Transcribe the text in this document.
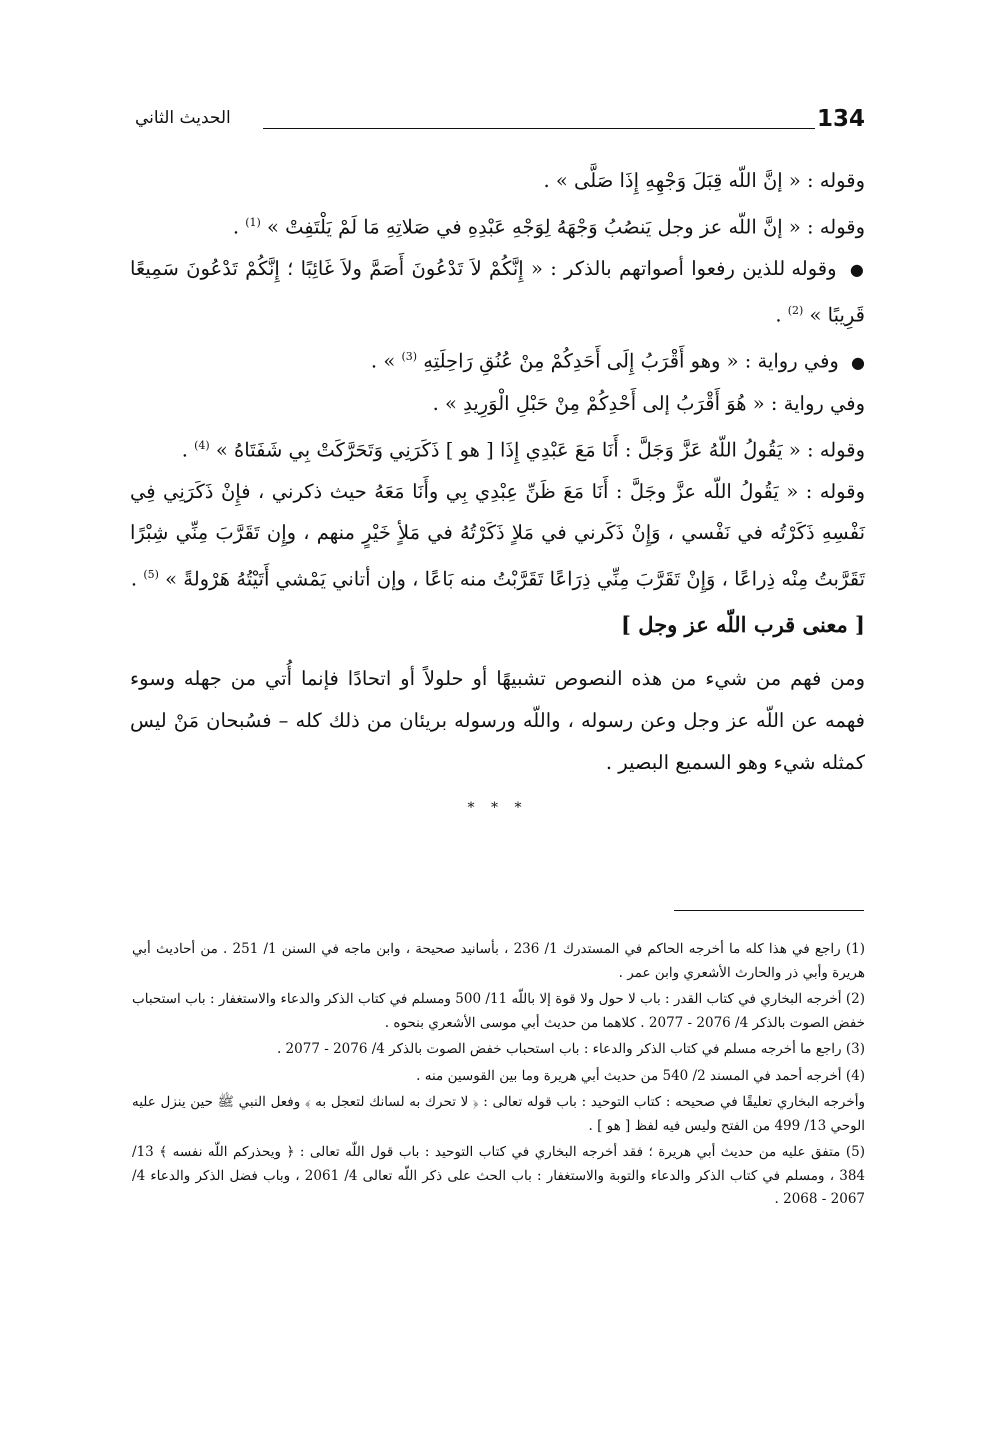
134
الحديث الثاني

وقوله : « إنَّ اللّه قِبَلَ وَجْهِهِ إِذَا صَلَّى » .

وقوله : « إنَّ اللّه عز وجل يَنصُبُ وَجْهَهُ لِوَجْهِ عَبْدِهِ في صَلاتِهِ مَا لَمْ يَلْتَفِتْ » $^{(1)}$ .

● وقوله للذين رفعوا أصواتهم بالذكر : « إِنَّكُمْ لاَ تَدْعُونَ أَصَمَّ ولاَ غَائِبًا ؛ إِنَّكُمْ تَدْعُونَ سَمِيعًا قَرِيبًا » $^{(2)}$ .

● وفي رواية : « وهو أَقْرَبُ إِلَى أَحَدِكُمْ مِنْ عُنُقِ رَاحِلَتِهِ $^{(3)}$ » .

وفي رواية : « هُوَ أَقْرَبُ إلى أَحْدِكُمْ مِنْ حَبْلِ الْوَرِيدِ » .

وقوله : « يَقُولُ اللّهُ عَزَّ وَجَلَّ : أَنَا مَعَ عَبْدِي إِذَا [ هو ] ذَكَرَنِي وَتَحَرَّكَتْ بِي شَفَتَاهُ » $^{(4)}$ .

وقوله : « يَقُولُ اللّه عزَّ وجَلَّ : أَنَا مَعَ ظَنِّ عِبْدِي بِي وأَنَا مَعَهُ حيث ذكرني ، فإِنْ ذَكَرَنِي فِي نَفْسِهِ ذَكَرْتُه في نَفْسي ، وَإِنْ ذَكَرني في مَلاٍ ذَكَرْتُهُ في مَلأٍ خَيْرٍ منهم ، وإِن تَقَرَّبَ مِنِّي شِبْرًا تَقَرَّبتُ مِنْه ذِراعًا ، وَإِنْ تَقَرَّبَ مِنِّي ذِرَاعًا تَقَرَّبْتُ منه بَاعًا ، وإن أتاني يَمْشي أَتَيْتُهُ هَرْولةً » $^{(5)}$ .

[ معنى قرب اللّه عز وجل ]

ومن فهم من شيء من هذه النصوص تشبيهًا أو حلولاً أو اتحادًا فإنما أُتي من جهله وسوء فهمه عن اللّه عز وجل وعن رسوله ، واللّه ورسوله بريئان من ذلك كله – فسُبحان مَنْ ليس كمثله شيء وهو السميع البصير .

* * *

(1) راجع في هذا كله ما أخرجه الحاكم في المستدرك 1/ 236 ، بأسانيد صحيحة ، وابن ماجه في السنن 1/ 251 . من أحاديث أبي هريرة وأبي ذر والحارث الأشعري وابن عمر .

(2) أخرجه البخاري في كتاب القدر : باب لا حول ولا قوة إلا باللّه 11/ 500 ومسلم في كتاب الذكر والدعاء والاستغفار : باب استحباب خفض الصوت بالذكر 4/ 2076 - 2077 . كلاهما من حديث أبي موسى الأشعري بنحوه .

(3) راجع ما أخرجه مسلم في كتاب الذكر والدعاء : باب استحباب خفض الصوت بالذكر 4/ 2076 - 2077 .

(4) أخرجه أحمد في المسند 2/ 540 من حديث أبي هريرة وما بين القوسين منه .

وأخرجه البخاري تعليقًا في صحيحه : كتاب التوحيد : باب قوله تعالى : ﴿ لا تحرك به لسانك لتعجل به ﴾ وفعل النبي ﷺ حين ينزل عليه الوحي 13/ 499 من الفتح وليس فيه لفظ [ هو ] .

(5) متفق عليه من حديث أبي هريرة ؛ فقد أخرجه البخاري في كتاب التوحيد : باب قول اللّه تعالى : ﴿ ويحذركم اللّه نفسه ﴾ 13/ 384 ، ومسلم في كتاب الذكر والدعاء والتوبة والاستغفار : باب الحث على ذكر اللّه تعالى 4/ 2061 ، وباب فضل الذكر والدعاء 4/ 2067 - 2068 .
